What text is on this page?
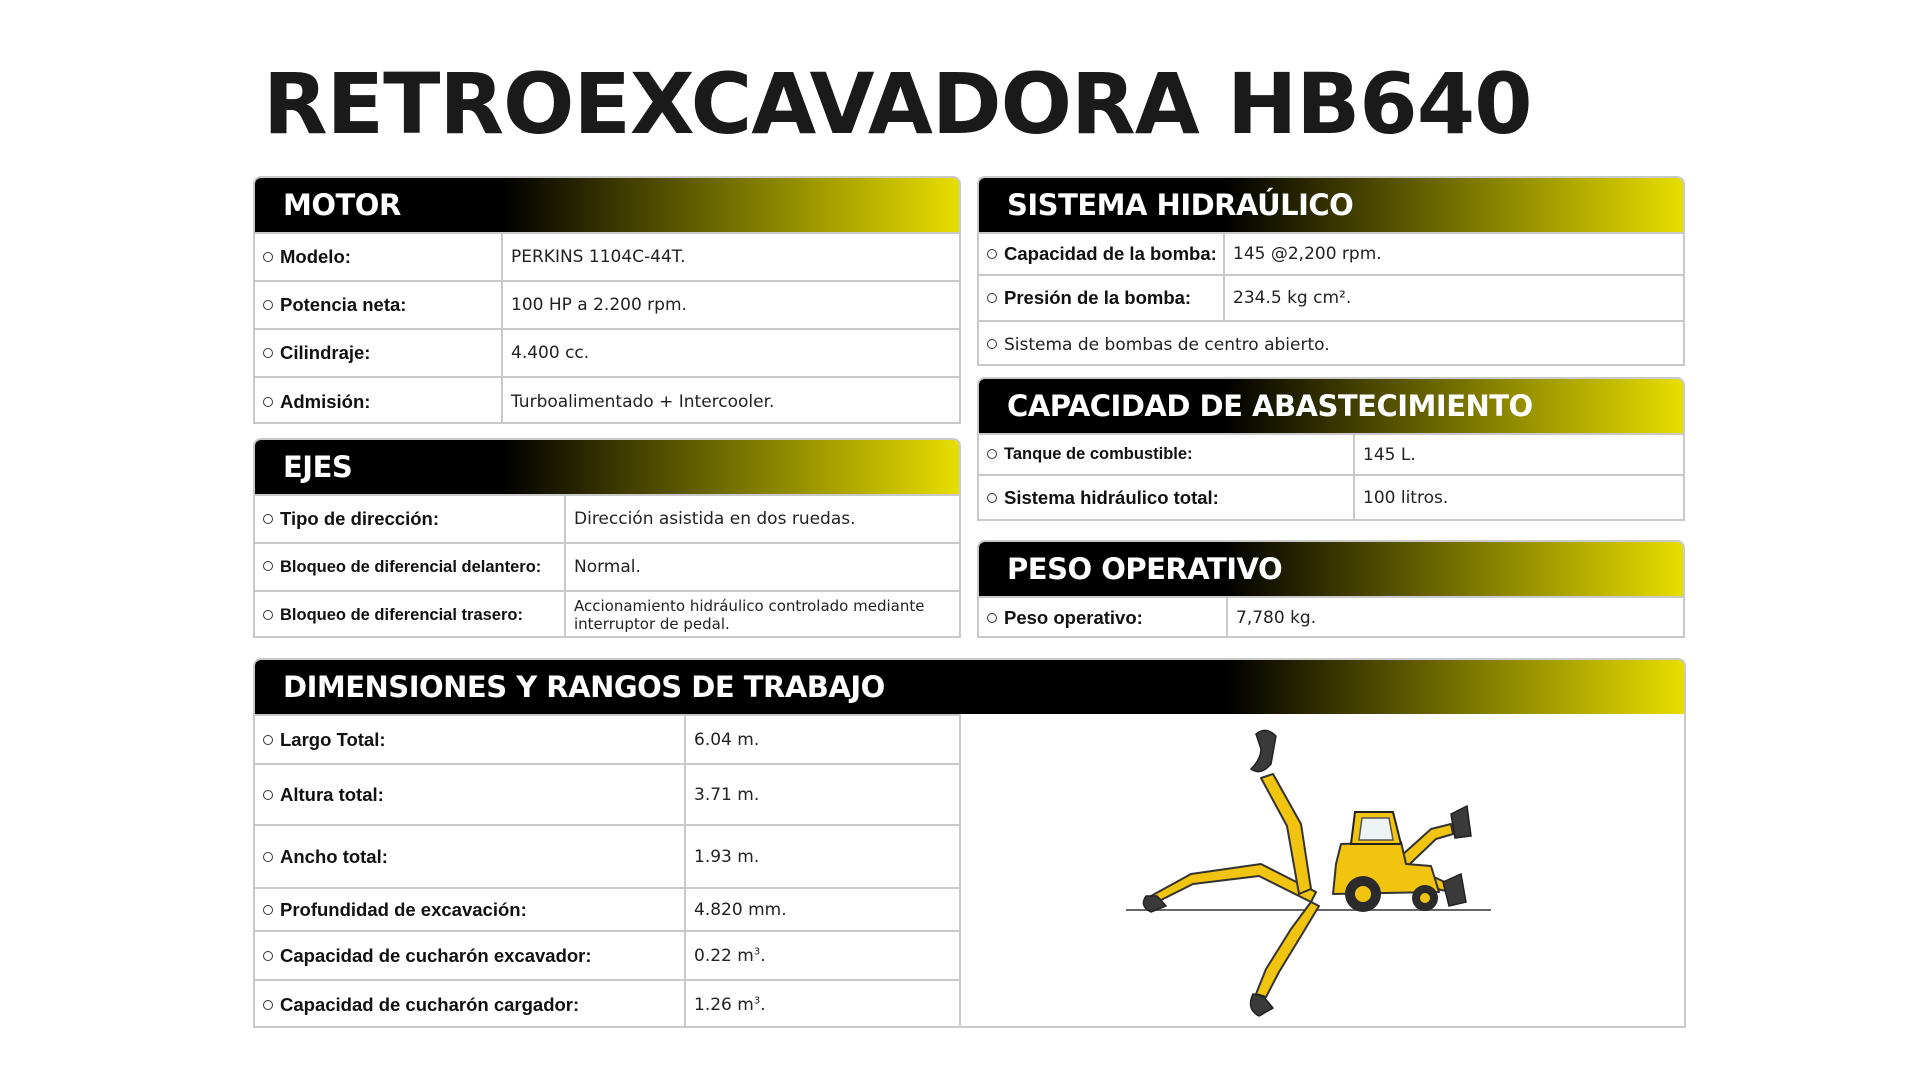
RETROEXCAVADORA HB640
MOTOR
Modelo:	PERKINS 1104C-44T.
Potencia neta:	100 HP a 2.200 rpm.
Cilindraje:	4.400 cc.
Admisión:	Turboalimentado + Intercooler.
EJES
Tipo de dirección:	Dirección asistida en dos ruedas.
Bloqueo de diferencial delantero:	Normal.
Bloqueo de diferencial trasero:	Accionamiento hidráulico controlado mediante interruptor de pedal.
SISTEMA HIDRAÚLICO
Capacidad de la bomba:	145 @2,200 rpm.
Presión de la bomba:	234.5 kg cm².
Sistema de bombas de centro abierto.	
CAPACIDAD DE ABASTECIMIENTO
Tanque de combustible:	145 L.
Sistema hidráulico total:	100 litros.
PESO OPERATIVO
Peso operativo:	7,780 kg.
DIMENSIONES Y RANGOS DE TRABAJO
Largo Total:	6.04 m.
Altura total:	3.71 m.
Ancho total:	1.93 m.
Profundidad de excavación:	4.820 mm.
Capacidad de cucharón excavador:	0.22 $m^3$.
Capacidad de cucharón cargador:	1.26 $m^3$.
